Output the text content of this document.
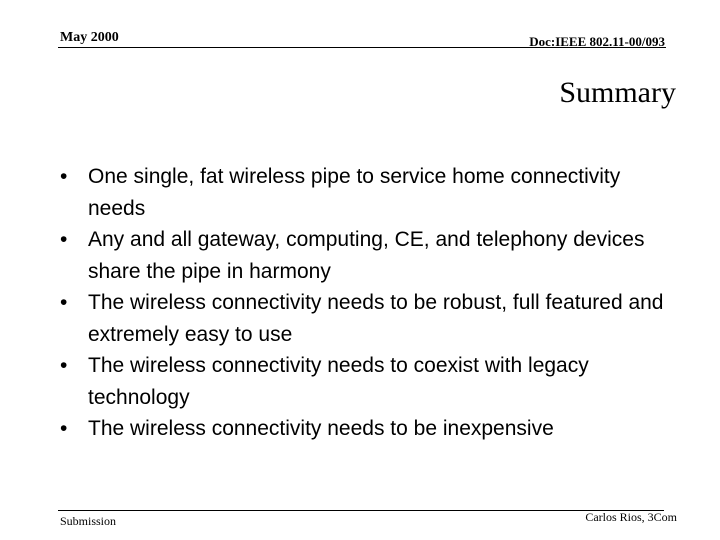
May 2000	Doc:IEEE 802.11-00/093
Summary
• One single, fat wireless pipe to service home connectivity needs
• Any and all gateway, computing, CE, and telephony devices share the pipe in harmony
• The wireless connectivity needs to be robust, full featured and extremely easy to use
• The wireless connectivity needs to coexist with legacy technology
• The wireless connectivity needs to be inexpensive
Submission	Carlos Rios, 3Com
